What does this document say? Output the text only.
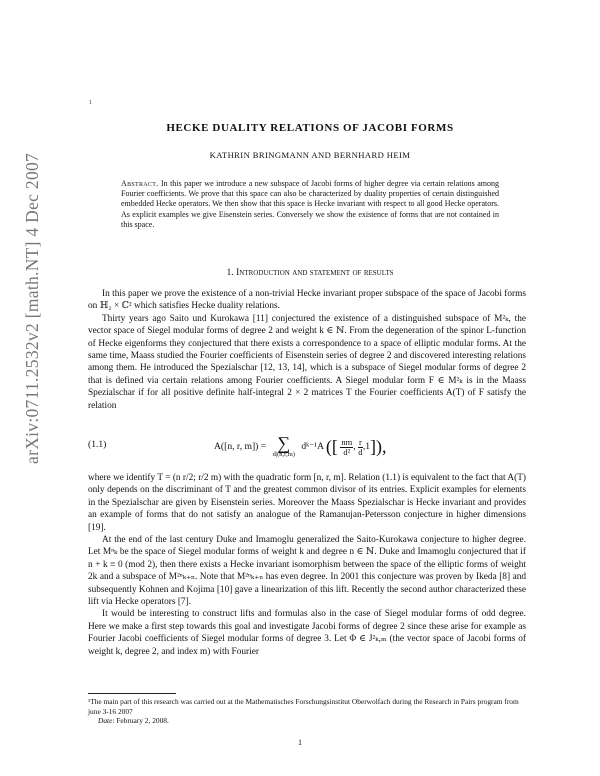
arXiv:0711.2532v2 [math.NT] 4 Dec 2007
1
HECKE DUALITY RELATIONS OF JACOBI FORMS
KATHRIN BRINGMANN AND BERNHARD HEIM
Abstract. In this paper we introduce a new subspace of Jacobi forms of higher degree via certain relations among Fourier coefficients. We prove that this space can also be characterized by duality properties of certain distinguished embedded Hecke operators. We then show that this space is Hecke invariant with respect to all good Hecke operators. As explicit examples we give Eisenstein series. Conversely we show the existence of forms that are not contained in this space.
1. Introduction and statement of results

In this paper we prove the existence of a non-trivial Hecke invariant proper subspace of the space of Jacobi forms on ℍ₂ × ℂ² which satisfies Hecke duality relations.

Thirty years ago Saito und Kurokawa [11] conjectured the existence of a distinguished subspace of M²ₖ, the vector space of Siegel modular forms of degree 2 and weight k ∈ ℕ. From the degeneration of the spinor L-function of Hecke eigenforms they conjectured that there exists a correspondence to a space of elliptic modular forms. At the same time, Maass studied the Fourier coefficients of Eisenstein series of degree 2 and discovered interesting relations among them. He introduced the Spezialschar [12, 13, 14], which is a subspace of Siegel modular forms of degree 2 that is defined via certain relations among Fourier coefficients. A Siegel modular form F ∈ M²ₖ is in the Maass Spezialschar if for all positive definite half-integral 2 × 2 matrices T the Fourier coefficients A(T) of F satisfy the relation

(1.1)	A([n, r, m]) = ∑
d|(n,r,m)
dᵏ⁻¹A ([ $\frac{nm}{\text{d²}}$ , $\frac{r}{d} ,1$]),

where we identify T = (n r/2; r/2 m) with the quadratic form [n, r, m]. Relation (1.1) is equivalent to the fact that A(T) only depends on the discriminant of T and the greatest common divisor of its entries. Explicit examples for elements in the Spezialschar are given by Eisenstein series. Moreover the Maass Spezialschar is Hecke invariant and provides an example of forms that do not satisfy an analogue of the Ramanujan-Petersson conjecture in higher dimensions [19].

At the end of the last century Duke and Imamoglu generalized the Saito-Kurokawa conjecture to higher degree. Let Mⁿₖ be the space of Siegel modular forms of weight k and degree n ∈ ℕ. Duke and Imamoglu conjectured that if n + k ≡ 0 (mod 2), then there exists a Hecke invariant isomorphism between the space of the elliptic forms of weight 2k and a subspace of M²ⁿₖ₊ₙ. Note that M²ⁿₖ₊ₙ has even degree. In 2001 this conjecture was proven by Ikeda [8] and subsequently Kohnen and Kojima [10] gave a linearization of this lift. Recently the second author characterized these lift via Hecke operators [7].

It would be interesting to construct lifts and formulas also in the case of Siegel modular forms of odd degree. Here we make a first step towards this goal and investigate Jacobi forms of degree 2 since these arise for example as Fourier Jacobi coefficients of Siegel modular forms of degree 3. Let Φ ∈ J²ₖ,ₘ (the vector space of Jacobi forms of weight k, degree 2, and index m) with Fourier

¹The main part of this research was carried out at the Mathematisches Forschungsinstitut Oberwolfach during the Research in Pairs program from june 3-16 2007
Date: February 2, 2008.
1
